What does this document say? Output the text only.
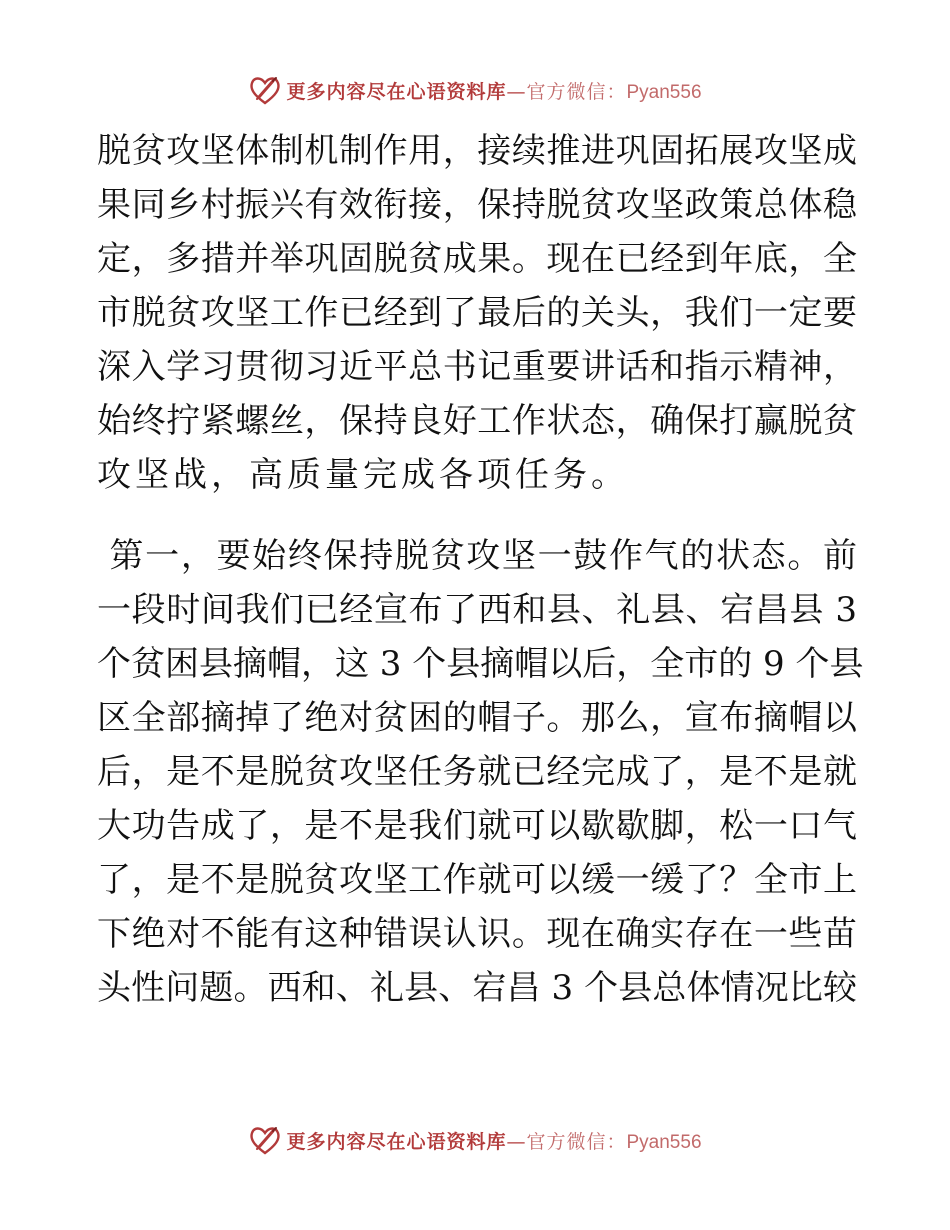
更多内容尽在心语资料库—官方微信：Pyan556
脱贫攻坚体制机制作用，接续推进巩固拓展攻坚成
果同乡村振兴有效衔接，保持脱贫攻坚政策总体稳
定，多措并举巩固脱贫成果。现在已经到年底，全
市脱贫攻坚工作已经到了最后的关头，我们一定要
深入学习贯彻习近平总书记重要讲话和指示精神，
始终拧紧螺丝，保持良好工作状态，确保打赢脱贫
攻坚战，高质量完成各项任务。
第一，要始终保持脱贫攻坚一鼓作气的状态。前
一段时间我们已经宣布了西和县、礼县、宕昌县 3
个贫困县摘帽，这 3 个县摘帽以后，全市的 9 个县
区全部摘掉了绝对贫困的帽子。那么，宣布摘帽以
后，是不是脱贫攻坚任务就已经完成了，是不是就
大功告成了，是不是我们就可以歇歇脚，松一口气
了，是不是脱贫攻坚工作就可以缓一缓了？全市上
下绝对不能有这种错误认识。现在确实存在一些苗
头性问题。西和、礼县、宕昌 3 个县总体情况比较
更多内容尽在心语资料库—官方微信：Pyan556
